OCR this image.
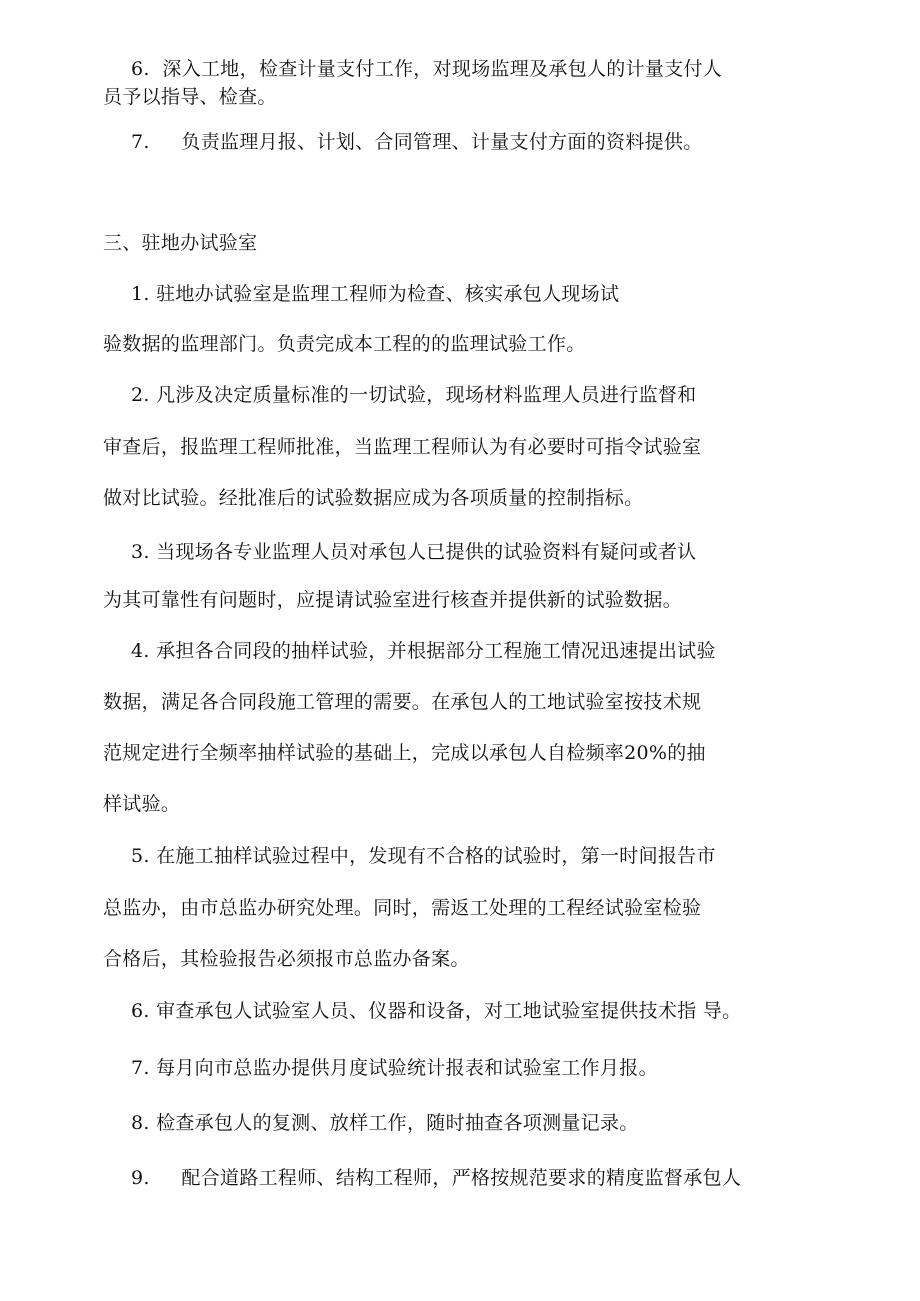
6.  深入工地，检查计量支付工作，对现场监理及承包人的计量支付人
员予以指导、检查。
7.     负责监理月报、计划、合同管理、计量支付方面的资料提供。
三、驻地办试验室
1. 驻地办试验室是监理工程师为检查、核实承包人现场试
验数据的监理部门。负责完成本工程的的监理试验工作。
2. 凡涉及决定质量标准的一切试验，现场材料监理人员进行监督和
审查后，报监理工程师批准，当监理工程师认为有必要时可指令试验室
做对比试验。经批准后的试验数据应成为各项质量的控制指标。
3. 当现场各专业监理人员对承包人已提供的试验资料有疑问或者认
为其可靠性有问题时，应提请试验室进行核查并提供新的试验数据。
4. 承担各合同段的抽样试验，并根据部分工程施工情况迅速提出试验
数据，满足各合同段施工管理的需要。在承包人的工地试验室按技术规
范规定进行全频率抽样试验的基础上，完成以承包人自检频率20%的抽
样试验。
5. 在施工抽样试验过程中，发现有不合格的试验时，第一时间报告市
总监办，由市总监办研究处理。同时，需返工处理的工程经试验室检验
合格后，其检验报告必须报市总监办备案。
6. 审查承包人试验室人员、仪器和设备，对工地试验室提供技术指 导。
7. 每月向市总监办提供月度试验统计报表和试验室工作月报。
8. 检查承包人的复测、放样工作，随时抽查各项测量记录。
9.     配合道路工程师、结构工程师，严格按规范要求的精度监督承包人
